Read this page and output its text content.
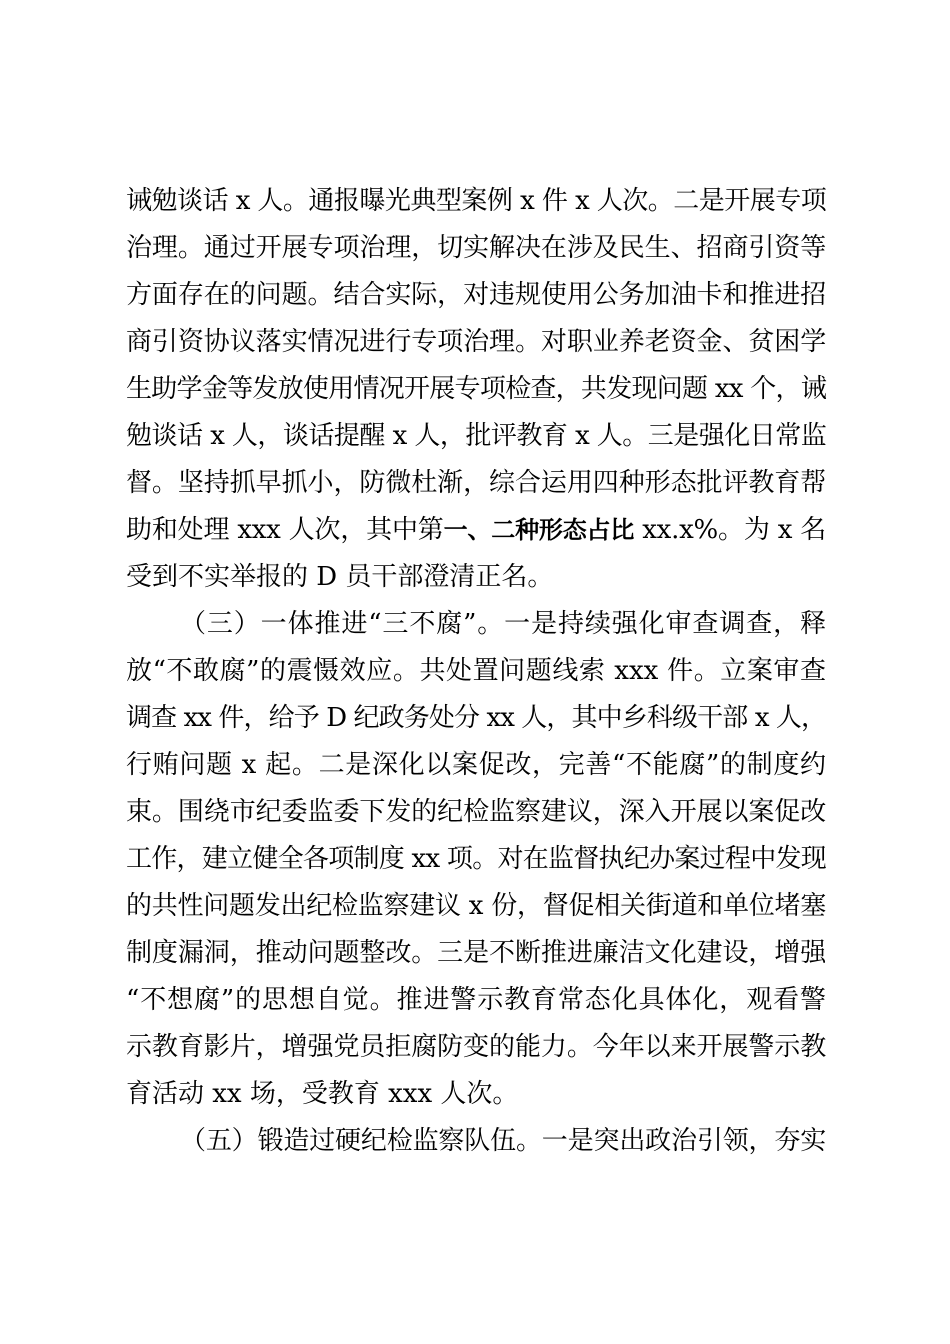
诫勉谈话 x 人。通报曝光典型案例 x 件 x 人次。二是开展专项
治理。通过开展专项治理，切实解决在涉及民生、招商引资等
方面存在的问题。结合实际，对违规使用公务加油卡和推进招
商引资协议落实情况进行专项治理。对职业养老资金、贫困学
生助学金等发放使用情况开展专项检查，共发现问题 xx 个，诫
勉谈话 x 人，谈话提醒 x 人，批评教育 x 人。三是强化日常监
督。坚持抓早抓小，防微杜渐，综合运用四种形态批评教育帮
助和处理 xxx 人次，其中第一、二种形态占比 xx.x%。为 x 名
受到不实举报的 D 员干部澄清正名。
（三）一体推进“三不腐”。一是持续强化审查调查，释
放“不敢腐”的震慑效应。共处置问题线索 xxx 件。立案审查
调查 xx 件，给予 D 纪政务处分 xx 人，其中乡科级干部 x 人，
行贿问题 x 起。二是深化以案促改，完善“不能腐”的制度约
束。围绕市纪委监委下发的纪检监察建议，深入开展以案促改
工作，建立健全各项制度 xx 项。对在监督执纪办案过程中发现
的共性问题发出纪检监察建议 x 份，督促相关街道和单位堵塞
制度漏洞，推动问题整改。三是不断推进廉洁文化建设，增强
“不想腐”的思想自觉。推进警示教育常态化具体化，观看警
示教育影片，增强党员拒腐防变的能力。今年以来开展警示教
育活动 xx 场，受教育 xxx 人次。
（五）锻造过硬纪检监察队伍。一是突出政治引领，夯实
